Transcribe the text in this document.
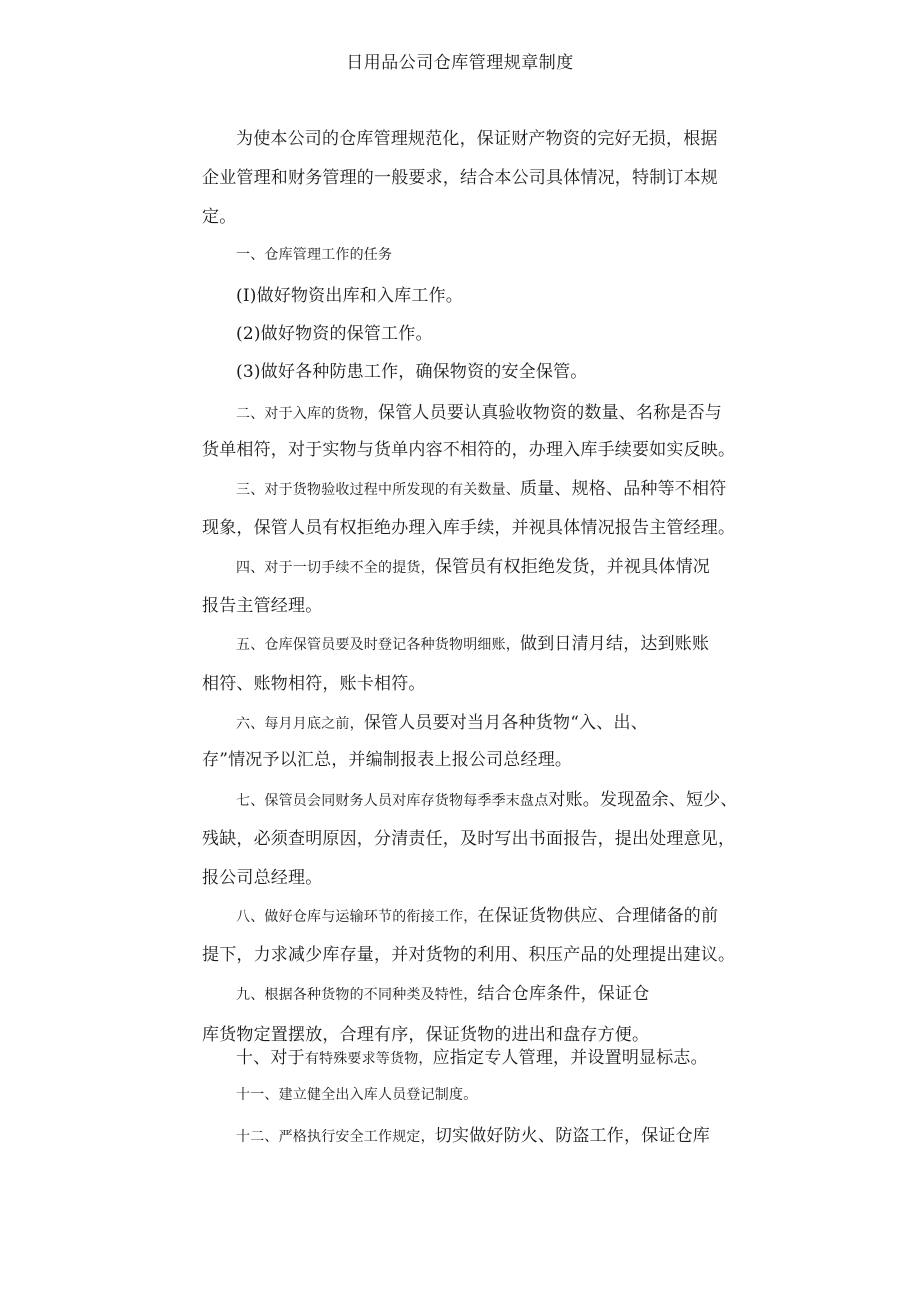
日用品公司仓库管理规章制度
为使本公司的仓库管理规范化，保证财产物资的完好无损，根据
企业管理和财务管理的一般要求，结合本公司具体情况，特制订本规
定。
一、仓库管理工作的任务
(I)做好物资出库和入库工作。
(2)做好物资的保管工作。
(3)做好各种防患工作，确保物资的安全保管。
二、对于入库的货物，保管人员要认真验收物资的数量、名称是否与
货单相符，对于实物与货单内容不相符的，办理入库手续要如实反映。
三、对于货物验收过程中所发现的有关数量、质量、规格、品种等不相符
现象，保管人员有权拒绝办理入库手续，并视具体情况报告主管经理。
四、对于一切手续不全的提货，保管员有权拒绝发货，并视具体情况
报告主管经理。
五、仓库保管员要及时登记各种货物明细账，做到日清月结，达到账账
相符、账物相符，账卡相符。
六、每月月底之前，保管人员要对当月各种货物“入、出、
存”情况予以汇总，并编制报表上报公司总经理。
七、保管员会同财务人员对库存货物每季季末盘点对账。发现盈余、短少、
残缺，必须查明原因，分清责任，及时写出书面报告，提出处理意见，
报公司总经理。
八、做好仓库与运输环节的衔接工作，在保证货物供应、合理储备的前
提下，力求减少库存量，并对货物的利用、积压产品的处理提出建议。
九、根据各种货物的不同种类及特性，结合仓库条件，保证仓
库货物定置摆放，合理有序，保证货物的进出和盘存方便。
十、对于有特殊要求等货物，应指定专人管理，并设置明显标志。
十一、建立健全出入库人员登记制度。
十二、严格执行安全工作规定，切实做好防火、防盗工作，保证仓库
